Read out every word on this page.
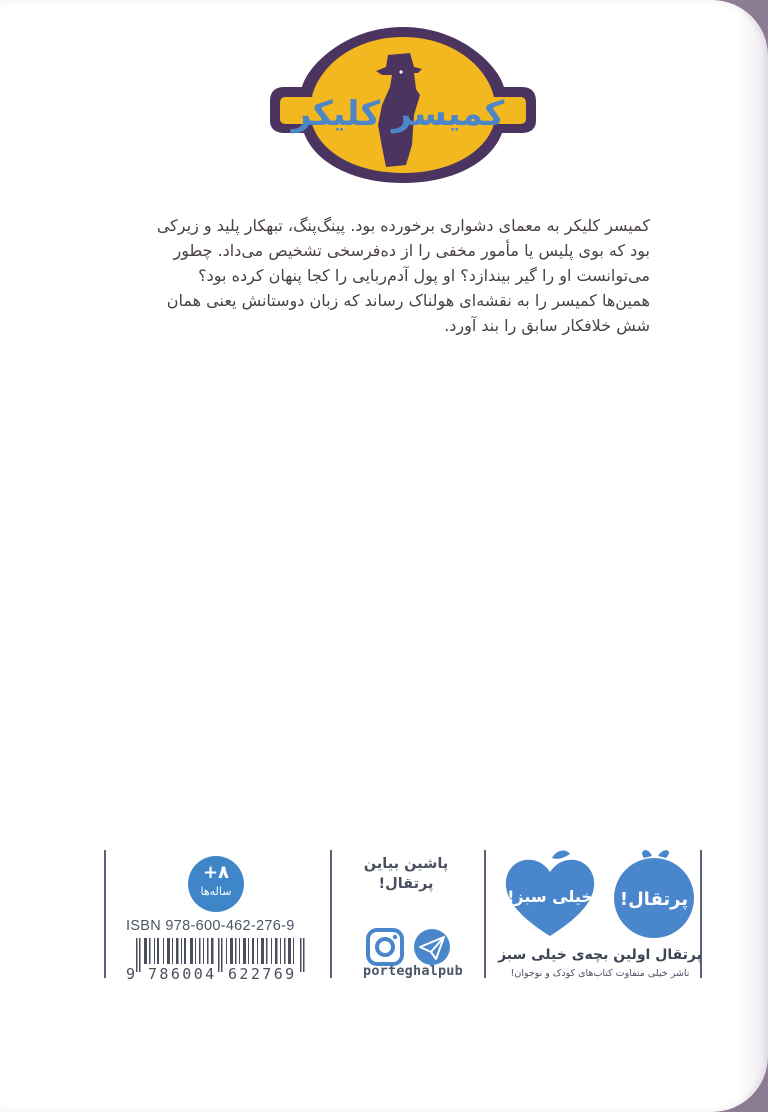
کمیسر کلیکر

کمیسر کلیکر به معمای دشواری برخورده بود. پینگ‌پنگ، تبهکار پلید و زیرکی

بود که بوی پلیس یا مأمور مخفی را از ده‌فرسخی تشخیص می‌داد. چطور

می‌توانست او را گیر بیندازد؟ او پول آدم‌ربایی را کجا پنهان کرده بود؟

همین‌ها کمیسر را به نقشه‌ای هولناک رساند که زبان دوستانش یعنی همان

شش خلافکار سابق را بند آورد.

+۸
ساله‌ها
ISBN 978-600-462-276-9
9 786004 622769
پاشین بیاین
پرتقال!
porteghalpub
خیلی سبز! پرتقال!
پرتقال اولین بچه‌ی خیلی سبز
ناشر خیلی متفاوت کتاب‌های کودک و نوجوان!
